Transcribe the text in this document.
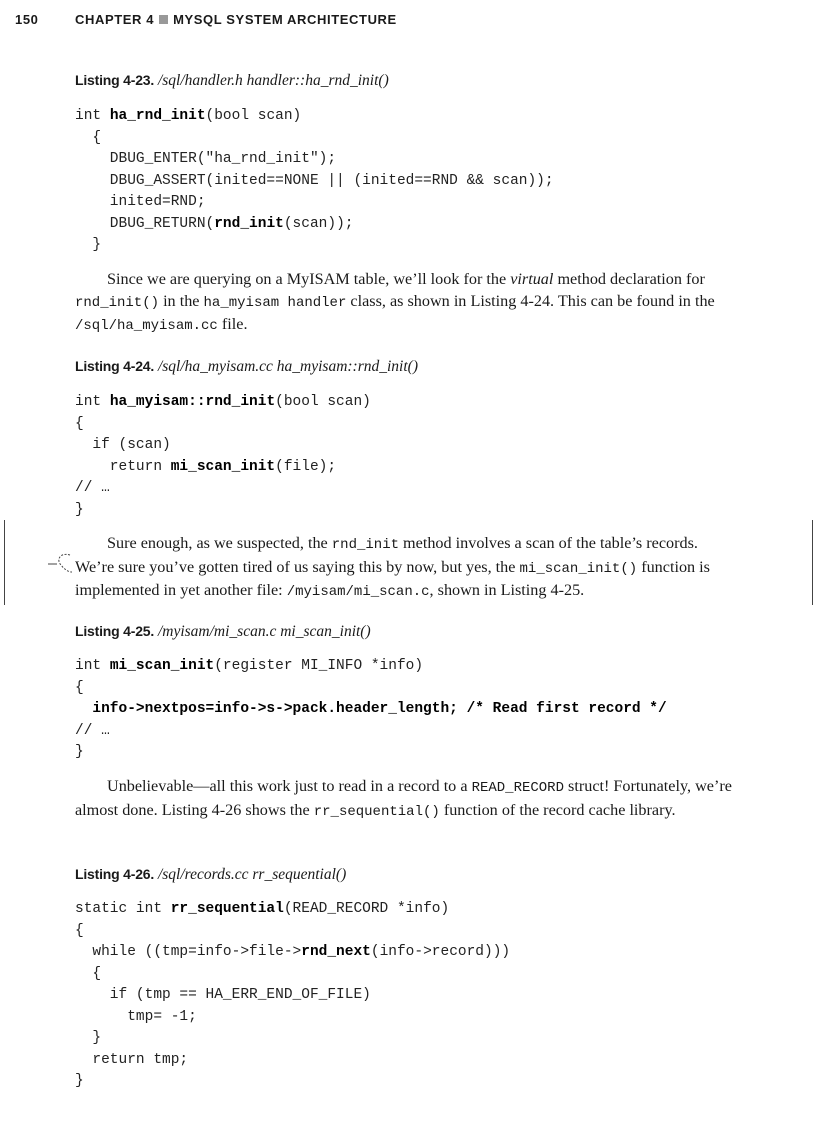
150	CHAPTER 4 MYSQL SYSTEM ARCHITECTURE
Listing 4-23. /sql/handler.h handler::ha_rnd_init()
int ha_rnd_init(bool scan)
{
DBUG_ENTER("ha_rnd_init");
DBUG_ASSERT(inited==NONE || (inited==RND && scan));
inited=RND;
DBUG_RETURN(rnd_init(scan));
}

Since we are querying on a MyISAM table, we’ll look for the virtual method declaration for rnd_init() in the ha_myisam handler class, as shown in Listing 4-24. This can be found in the /sql/ha_myisam.cc file.

Listing 4-24. /sql/ha_myisam.cc ha_myisam::rnd_init()
int ha_myisam::rnd_init(bool scan)
{
if (scan)
return mi_scan_init(file);
// …
}

Sure enough, as we suspected, the rnd_init method involves a scan of the table’s records. We’re sure you’ve gotten tired of us saying this by now, but yes, the mi_scan_init() function is implemented in yet another file: /myisam/mi_scan.c, shown in Listing 4-25.

Listing 4-25. /myisam/mi_scan.c mi_scan_init()
int mi_scan_init(register MI_INFO *info)
{
info->nextpos=info->s->pack.header_length; /* Read first record */
// …
}

Unbelievable—all this work just to read in a record to a READ_RECORD struct! Fortunately, we’re almost done. Listing 4-26 shows the rr_sequential() function of the record cache library.

Listing 4-26. /sql/records.cc rr_sequential()
static int rr_sequential(READ_RECORD *info)
{
while ((tmp=info->file->rnd_next(info->record)))
{
if (tmp == HA_ERR_END_OF_FILE)
tmp= -1;
}
return tmp;
}
